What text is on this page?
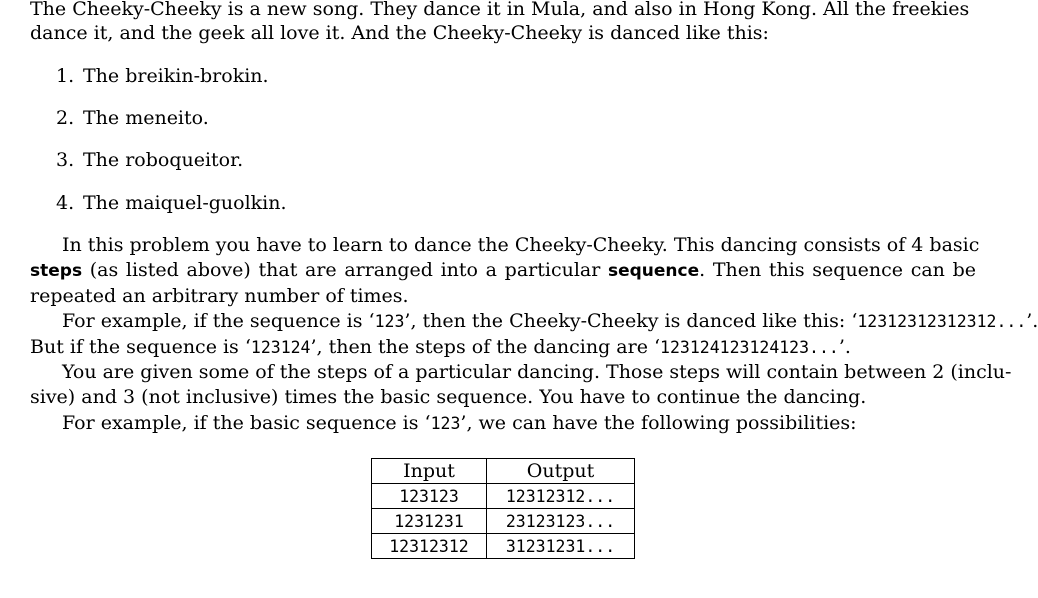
The Cheeky-Cheeky is a new song. They dance it in Mula, and also in Hong Kong. All the freekies
dance it, and the geek all love it. And the Cheeky-Cheeky is danced like this:
1. The breikin-brokin.
2. The meneito.
3. The roboqueitor.
4. The maiquel-guolkin.
In this problem you have to learn to dance the Cheeky-Cheeky. This dancing consists of 4 basic
steps (as listed above) that are arranged into a particular sequence. Then this sequence can be
repeated an arbitrary number of times.
For example, if the sequence is ‘123’, then the Cheeky-Cheeky is danced like this: ‘12312312312312...’.
But if the sequence is ‘123124’, then the steps of the dancing are ‘123124123124123...’.
You are given some of the steps of a particular dancing. Those steps will contain between 2 (inclu-
sive) and 3 (not inclusive) times the basic sequence. You have to continue the dancing.
For example, if the basic sequence is ‘123’, we can have the following possibilities:
Input	Output
123123	12312312...
1231231	23123123...
12312312	31231231...
